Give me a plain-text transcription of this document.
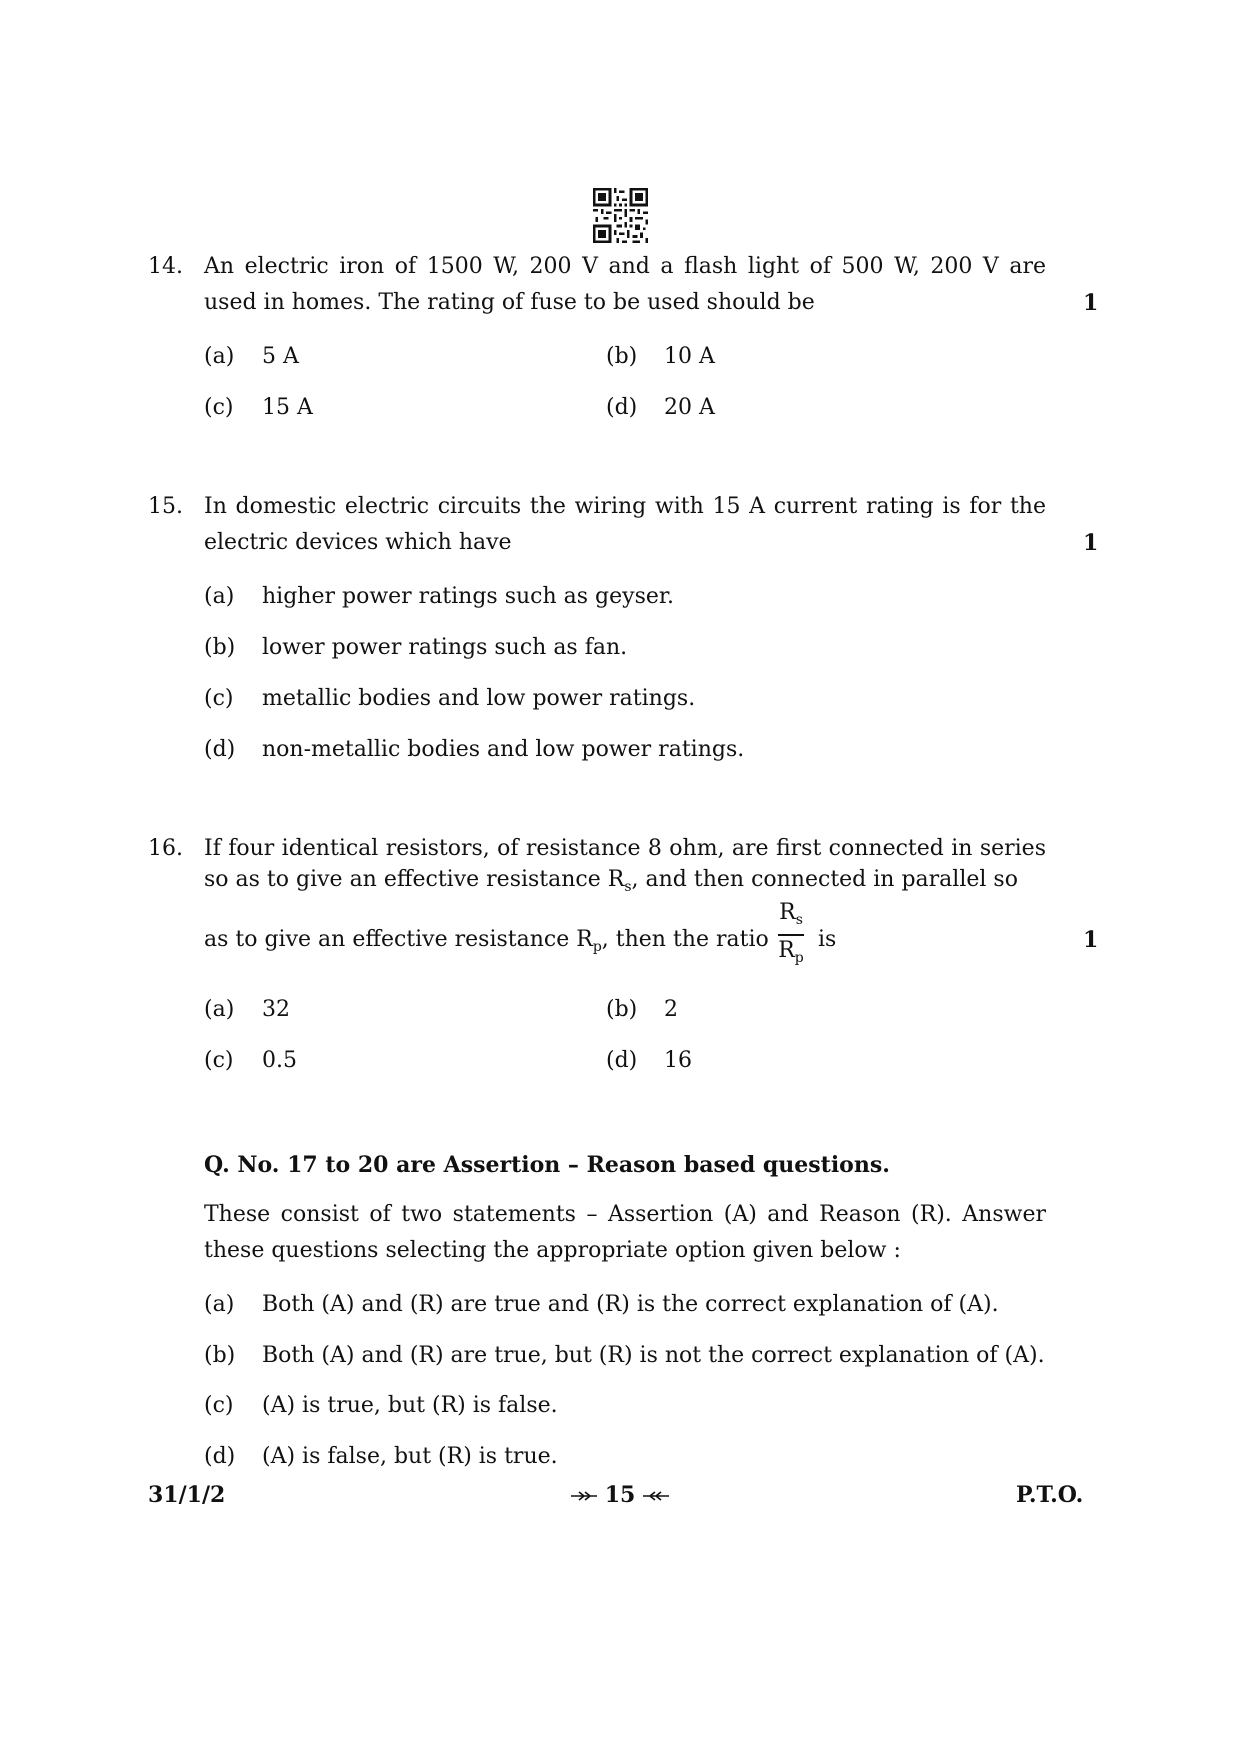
14. An electric iron of 1500 W, 200 V and a flash light of 500 W, 200 V are
used in homes. The rating of fuse to be used should be	1
(a) 5 A	(b) 10 A
(c) 15 A	(d) 20 A
15. In domestic electric circuits the wiring with 15 A current rating is for the
electric devices which have	1
(a) higher power ratings such as geyser.
(b) lower power ratings such as fan.
(c) metallic bodies and low power ratings.
(d) non-metallic bodies and low power ratings.
16. If four identical resistors, of resistance 8 ohm, are first connected in series
so as to give an effective resistance $R_s$, and then connected in parallel so
as to give an effective resistance $R_p$, then the ratio
$R_s$
$R_p$
is	1
(a) 32	(b) 2
(c) 0.5	(d) 16
Q. No. 17 to 20 are Assertion – Reason based questions.
These consist of two statements – Assertion (A) and Reason (R). Answer
these questions selecting the appropriate option given below :
(a) Both (A) and (R) are true and (R) is the correct explanation of (A).
(b) Both (A) and (R) are true, but (R) is not the correct explanation of (A).
(c) (A) is true, but (R) is false.
(d) (A) is false, but (R) is true.
31/1/2	15	P.T.O.
